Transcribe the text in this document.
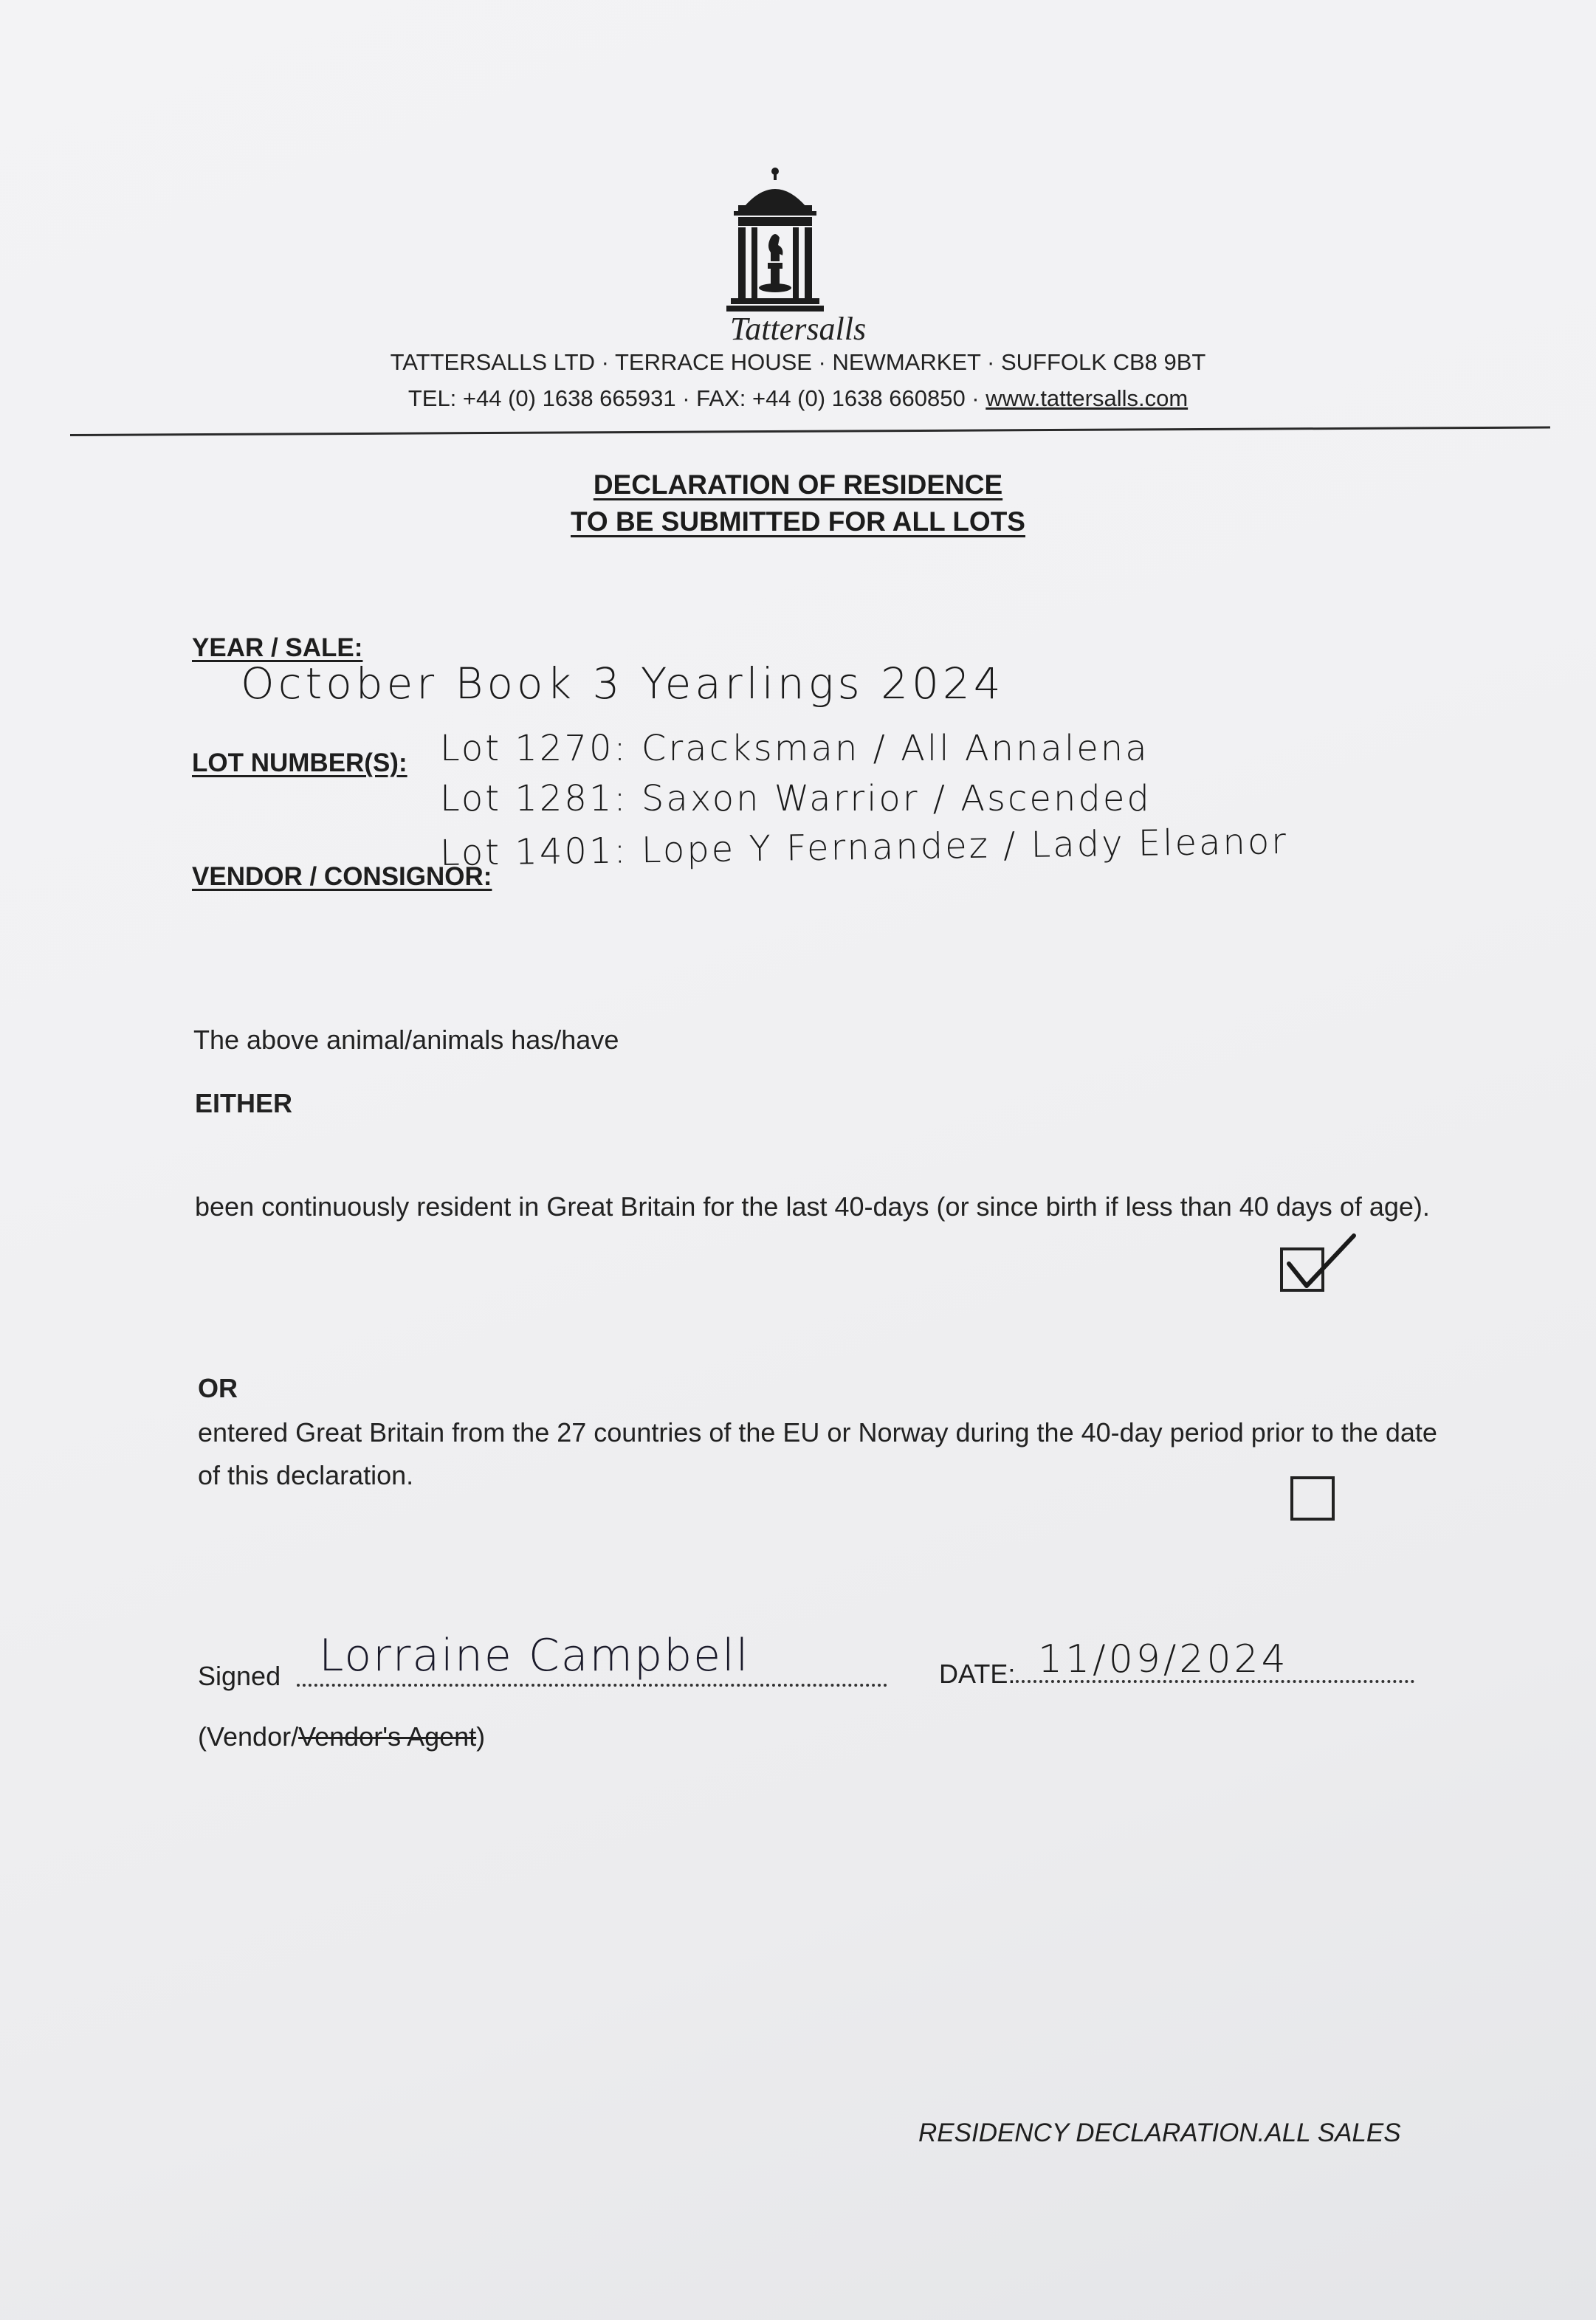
Tattersalls
TATTERSALLS LTD · TERRACE HOUSE · NEWMARKET · SUFFOLK CB8 9BT
TEL: +44 (0) 1638 665931 · FAX: +44 (0) 1638 660850 · www.tattersalls.com
DECLARATION OF RESIDENCE
TO BE SUBMITTED FOR ALL LOTS
YEAR / SALE:
October Book 3 Yearlings 2024
LOT NUMBER(S): Lot 1270: Cracksman / All Annalena
Lot 1281: Saxon Warrior / Ascended
Lot 1401: Lope Y Fernandez / Lady Eleanor
VENDOR / CONSIGNOR:
The above animal/animals has/have
EITHER
been continuously resident in Great Britain for the last 40-days (or since birth if less than 40 days of age).
OR
entered Great Britain from the 27 countries of the EU or Norway during the 40-day period prior to the date of this declaration.
Signed Lorraine Campbell	DATE: 11/09/2024
(Vendor/Vendor's Agent)
RESIDENCY DECLARATION.ALL SALES
